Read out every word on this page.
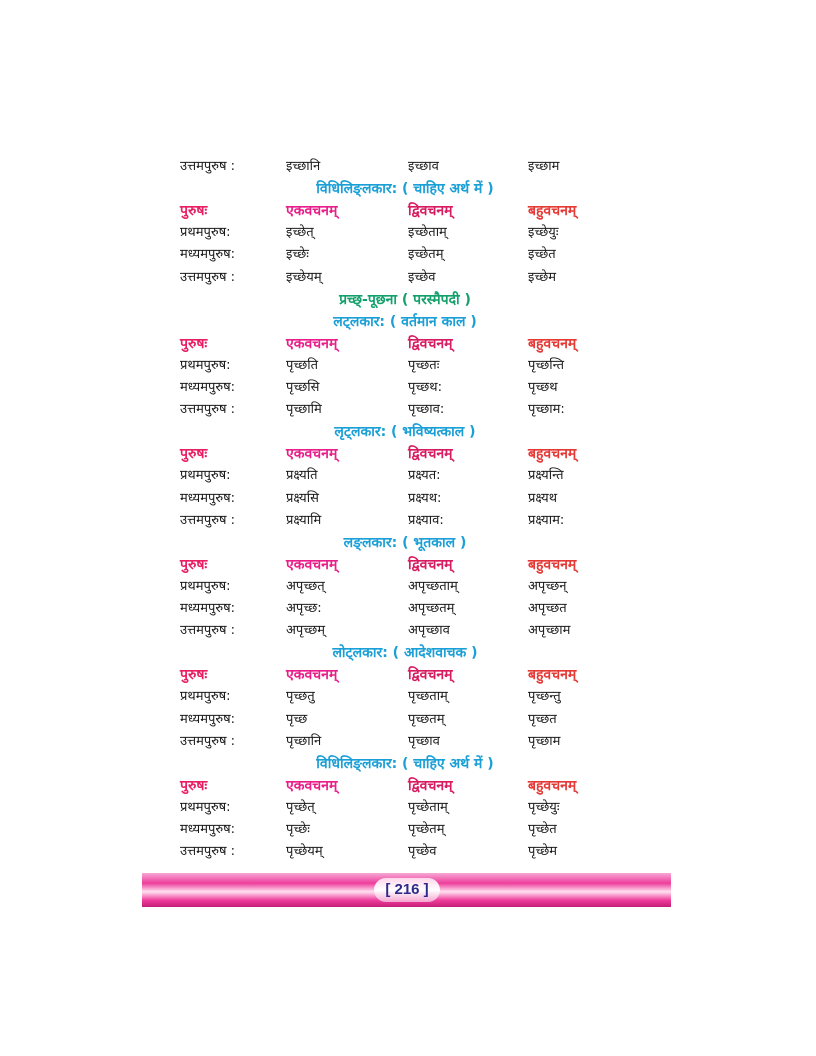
उत्तमपुरुष :	इच्छानि	इच्छाव	इच्छाम
विधिलिङ्लकार: ( चाहिए अर्थ में )
पुरुषः	एकवचनम्	द्विवचनम्	बहुवचनम्
प्रथमपुरुष:	इच्छेत्	इच्छेताम्	इच्छेयुः
मध्यमपुरुष:	इच्छेः	इच्छेतम्	इच्छेत
उत्तमपुरुष :	इच्छेयम्	इच्छेव	इच्छेम
प्रच्छ्-पूछना ( परस्मैपदी )
लट्लकार: ( वर्तमान काल )
पुरुषः	एकवचनम्	द्विवचनम्	बहुवचनम्
प्रथमपुरुष:	पृच्छति	पृच्छतः	पृच्छन्ति
मध्यमपुरुष:	पृच्छसि	पृच्छथ:	पृच्छथ
उत्तमपुरुष :	पृच्छामि	पृच्छाव:	पृच्छाम:
लृट्लकार: ( भविष्यत्काल )
पुरुषः	एकवचनम्	द्विवचनम्	बहुवचनम्
प्रथमपुरुष:	प्रक्ष्यति	प्रक्ष्यत:	प्रक्ष्यन्ति
मध्यमपुरुष:	प्रक्ष्यसि	प्रक्ष्यथ:	प्रक्ष्यथ
उत्तमपुरुष :	प्रक्ष्यामि	प्रक्ष्याव:	प्रक्ष्याम:
लङ्लकार: ( भूतकाल )
पुरुषः	एकवचनम्	द्विवचनम्	बहुवचनम्
प्रथमपुरुष:	अपृच्छत्	अपृच्छताम्	अपृच्छन्
मध्यमपुरुष:	अपृच्छ:	अपृच्छतम्	अपृच्छत
उत्तमपुरुष :	अपृच्छम्	अपृच्छाव	अपृच्छाम
लोट्लकार: ( आदेशवाचक )
पुरुषः	एकवचनम्	द्विवचनम्	बहुवचनम्
प्रथमपुरुष:	पृच्छतु	पृच्छताम्	पृच्छन्तु
मध्यमपुरुष:	पृच्छ	पृच्छतम्	पृच्छत
उत्तमपुरुष :	पृच्छानि	पृच्छाव	पृच्छाम
विधिलिङ्लकार: ( चाहिए अर्थ में )
पुरुषः	एकवचनम्	द्विवचनम्	बहुवचनम्
प्रथमपुरुष:	पृच्छेत्	पृच्छेताम्	पृच्छेयुः
मध्यमपुरुष:	पृच्छेः	पृच्छेतम्	पृच्छेत
उत्तमपुरुष :	पृच्छेयम्	पृच्छेव	पृच्छेम
[ 216 ]
